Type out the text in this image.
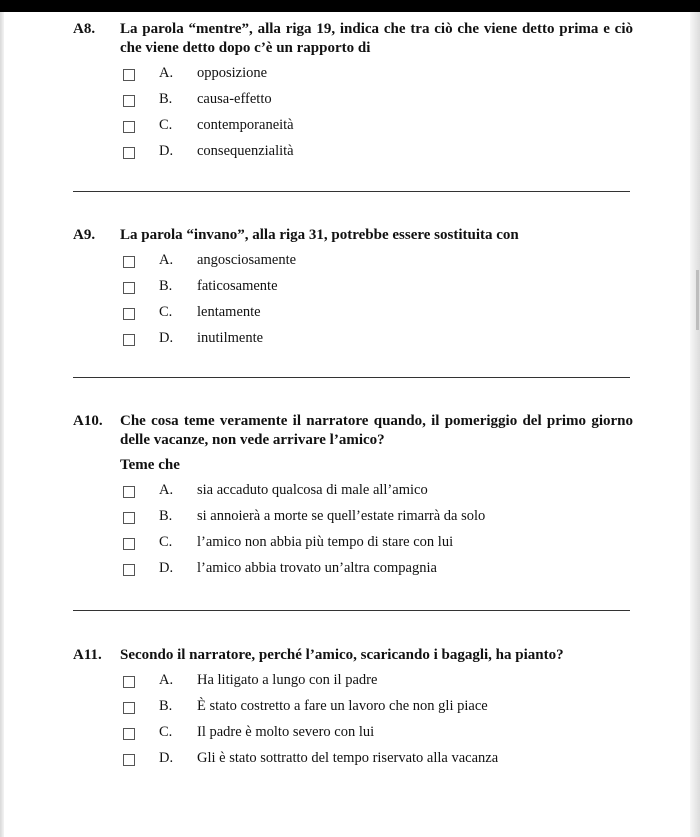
A8. La parola “mentre”, alla riga 19, indica che tra ciò che viene detto prima e ciò che viene detto dopo c’è un rapporto di
A. opposizione
B. causa-effetto
C. contemporaneità
D. consequenzialità
A9. La parola “invano”, alla riga 31, potrebbe essere sostituita con
A. angosciosamente
B. faticosamente
C. lentamente
D. inutilmente
A10. Che cosa teme veramente il narratore quando, il pomeriggio del primo giorno delle vacanze, non vede arrivare l’amico?
Teme che
A. sia accaduto qualcosa di male all’amico
B. si annoierà a morte se quell’estate rimarrà da solo
C. l’amico non abbia più tempo di stare con lui
D. l’amico abbia trovato un’altra compagnia
A11. Secondo il narratore, perché l’amico, scaricando i bagagli, ha pianto?
A. Ha litigato a lungo con il padre
B. È stato costretto a fare un lavoro che non gli piace
C. Il padre è molto severo con lui
D. Gli è stato sottratto del tempo riservato alla vacanza
